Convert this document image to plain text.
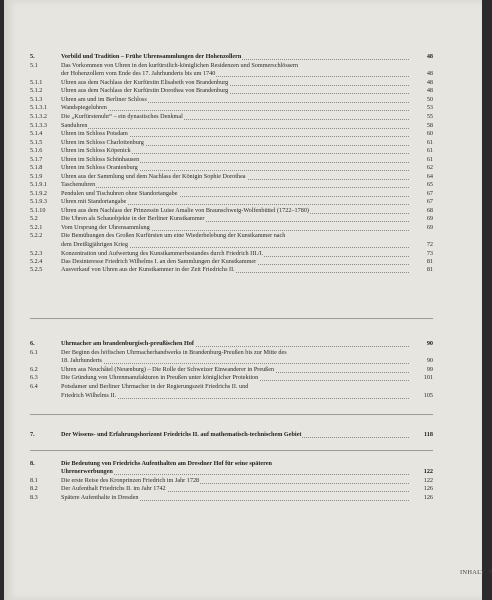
5.	Vorbild und Tradition – Frühe Uhrensammlungen der Hohenzollern	48
5.1	Das Vorkommen von Uhren in den kurfürstlich-königlichen Residenzen und Sommerschlössern
der Hohenzollern vom Ende des 17. Jahrhunderts bis um 1740	48
5.1.1	Uhren aus dem Nachlass der Kurfürstin Elisabeth von Brandenburg	48
5.1.2	Uhren aus dem Nachlass der Kurfürstin Dorothea von Brandenburg	48
5.1.3	Uhren am und im Berliner Schloss	50
5.1.3.1 Wandspiegeluhren	53
5.1.3.2 Die „Kurfürstenuhr“ – ein dynastisches Denkmal	55
5.1.3.3 Sanduhren	58
5.1.4	Uhren im Schloss Potsdam	60
5.1.5	Uhren im Schloss Charlottenburg	61
5.1.6	Uhren im Schloss Köpenick	61
5.1.7	Uhren im Schloss Schönhausen	61
5.1.8	Uhren im Schloss Oranienburg	62
5.1.9	Uhren aus der Sammlung und dem Nachlass der Königin Sophie Dorothea	64
5.1.9.1 Taschenuhren	65
5.1.9.2 Pendulen und Tischuhren ohne Standortangabe	67
5.1.9.3 Uhren mit Standortangabe	67
5.1.10	Uhren aus dem Nachlass der Prinzessin Luise Amalie von Braunschweig-Wolfenbüttel (1722–1780)	68
5.2	Die Uhren als Schauobjekte in der Berliner Kunstkammer	69
5.2.1	Vom Ursprung der Uhrensammlung	69
5.2.2	Die Bemühungen des Großen Kurfürsten um eine Wiederbelebung der Kunstkammer nach
dem Dreißigjährigen Krieg	72
5.2.3	Konzentration und Aufwertung des Kunstkammerbestandes durch Friedrich III./I.	73
5.2.4	Das Desinteresse Friedrich Wilhelms I. an den Sammlungen der Kunstkammer	81
5.2.5	Ausverkauf von Uhren aus der Kunstkammer in der Zeit Friedrichs II.	81
6.	Uhrmacher am brandenburgisch-preußischen Hof	90
6.1	Der Beginn des höfischen Uhrmacherhandwerks in Brandenburg-Preußen bis zur Mitte des
18. Jahrhunderts	90
6.2	Uhren aus Neuchâtel (Neuenburg) – Die Rolle der Schweizer Einwanderer in Preußen	99
6.3	Die Gründung von Uhrenmanufakturen in Preußen unter königlicher Protektion	101
6.4	Potsdamer und Berliner Uhrmacher in der Regierungszeit Friedrichs II. und
Friedrich Wilhelms II.	105
7.	Der Wissens- und Erfahrungshorizont Friedrichs II. auf mathematisch-technischem Gebiet	118
8.	Die Bedeutung von Friedrichs Aufenthalten am Dresdner Hof für seine späteren
Uhrenerwerbungen	122
8.1	Die erste Reise des Kronprinzen Friedrich im Jahr 1728	122
8.2	Der Aufenthalt Friedrichs II. im Jahr 1742	126
8.3	Spätere Aufenthalte in Dresden	126
INHALT 7
